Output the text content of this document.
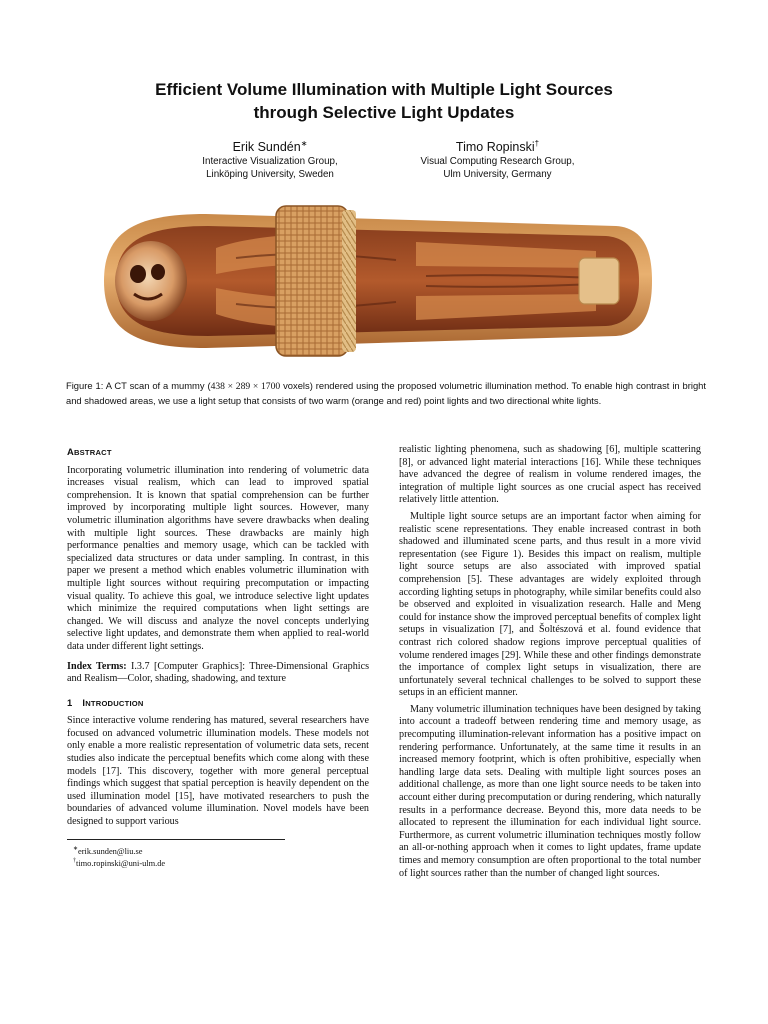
Efficient Volume Illumination with Multiple Light Sources
through Selective Light Updates
Erik Sundén∗
Interactive Visualization Group,
Linköping University, Sweden
Timo Ropinski†
Visual Computing Research Group,
Ulm University, Germany
Figure 1: A CT scan of a mummy (438 × 289 × 1700 voxels) rendered using the proposed volumetric illumination method. To enable high contrast in bright and shadowed areas, we use a light setup that consists of two warm (orange and red) point lights and two directional white lights.
ABSTRACT

Incorporating volumetric illumination into rendering of volumetric data increases visual realism, which can lead to improved spatial comprehension. It is known that spatial comprehension can be further improved by incorporating multiple light sources. However, many volumetric illumination algorithms have severe drawbacks when dealing with multiple light sources. These drawbacks are mainly high performance penalties and memory usage, which can be tackled with specialized data structures or data under sampling. In contrast, in this paper we present a method which enables volumetric illumination with multiple light sources without requiring precomputation or impacting visual quality. To achieve this goal, we introduce selective light updates which minimize the required computations when light settings are changed. We will discuss and analyze the novel concepts underlying selective light updates, and demonstrate them when applied to real-world data under different light settings.

Index Terms: I.3.7 [Computer Graphics]: Three-Dimensional Graphics and Realism—Color, shading, shadowing, and texture

1 INTRODUCTION

Since interactive volume rendering has matured, several researchers have focused on advanced volumetric illumination models. These models not only enable a more realistic representation of volumetric data sets, recent studies also indicate the perceptual benefits which come along with these models [17]. This discovery, together with more general perceptual findings which suggest that spatial perception is heavily dependent on the used illumination model [15], have motivated researchers to push the boundaries of advanced volume illumination. Novel models have been designed to support various

∗erik.sunden@liu.se
†timo.ropinski@uni-ulm.de

realistic lighting phenomena, such as shadowing [6], multiple scattering [8], or advanced light material interactions [16]. While these techniques have advanced the degree of realism in volume rendered images, the integration of multiple light sources as one crucial aspect has received relatively little attention.

Multiple light source setups are an important factor when aiming for realistic scene representations. They enable increased contrast in both shadowed and illuminated scene parts, and thus result in a more vivid representation (see Figure 1). Besides this impact on realism, multiple light source setups are also associated with improved spatial comprehension [5]. These advantages are widely exploited through according lighting setups in photography, while similar benefits could also be observed and exploited in visualization research. Halle and Meng could for instance show the improved perceptual benefits of complex light setups in visualization [7], and Šoltészová et al. found evidence that contrast rich colored shadow regions improve perceptual qualities of volume rendered images [29]. While these and other findings demonstrate the importance of complex light setups in visualization, there are unfortunately several technical challenges to be solved to support these setups in an efficient manner.

Many volumetric illumination techniques have been designed by taking into account a tradeoff between rendering time and memory usage, as precomputing illumination-relevant information has a positive impact on rendering performance. Unfortunately, at the same time it results in an increased memory footprint, which is often prohibitive, especially when handling large data sets. Dealing with multiple light sources poses an additional challenge, as more than one light source needs to be taken into account either during precomputation or during rendering, which naturally results in a performance decrease. Beyond this, more data needs to be allocated to represent the illumination for each individual light source. Furthermore, as current volumetric illumination techniques mostly follow an all-or-nothing approach when it comes to light updates, frame update times and memory consumption are often proportional to the total number of light sources rather than the number of changed light sources.
